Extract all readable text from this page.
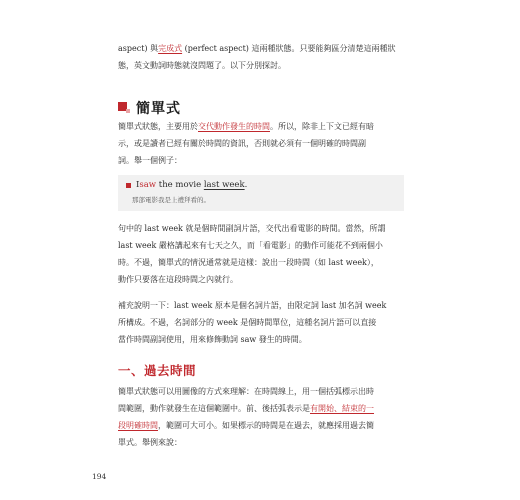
aspect) 與完成式 (perfect aspect) 這兩種狀態。只要能夠區分清楚這兩種狀
態，英文動詞時態就沒問題了。以下分別探討。

簡單式

簡單式狀態，主要用於交代動作發生的時間。所以，除非上下文已經有暗
示，或是讀者已經有關於時間的資訊，否則就必須有一個明確的時間副
詞。舉一個例子：

I saw the movie last week .
那部電影我是上禮拜看的。

句中的 last week 就是個時間副詞片語，交代出看電影的時間。當然，所謂
last week 嚴格講起來有七天之久，而「看電影」的動作可能花不到兩個小
時。不過，簡單式的情況通常就是這樣：說出一段時間（如 last week），
動作只要落在這段時間之內就行。

補充說明一下：last week 原本是個名詞片語，由限定詞 last 加名詞 week
所構成。不過，名詞部分的 week 是個時間單位，這種名詞片語可以直接
當作時間副詞使用，用來修飾動詞 saw 發生的時間。

一、過去時間

簡單式狀態可以用圖像的方式來理解：在時間線上，用一個括弧標示出時
間範圍，動作就發生在這個範圍中。前、後括弧表示是有開始、結束的一
段明確時間，範圍可大可小。如果標示的時間是在過去，就應採用過去簡
單式。舉例來說：

194
